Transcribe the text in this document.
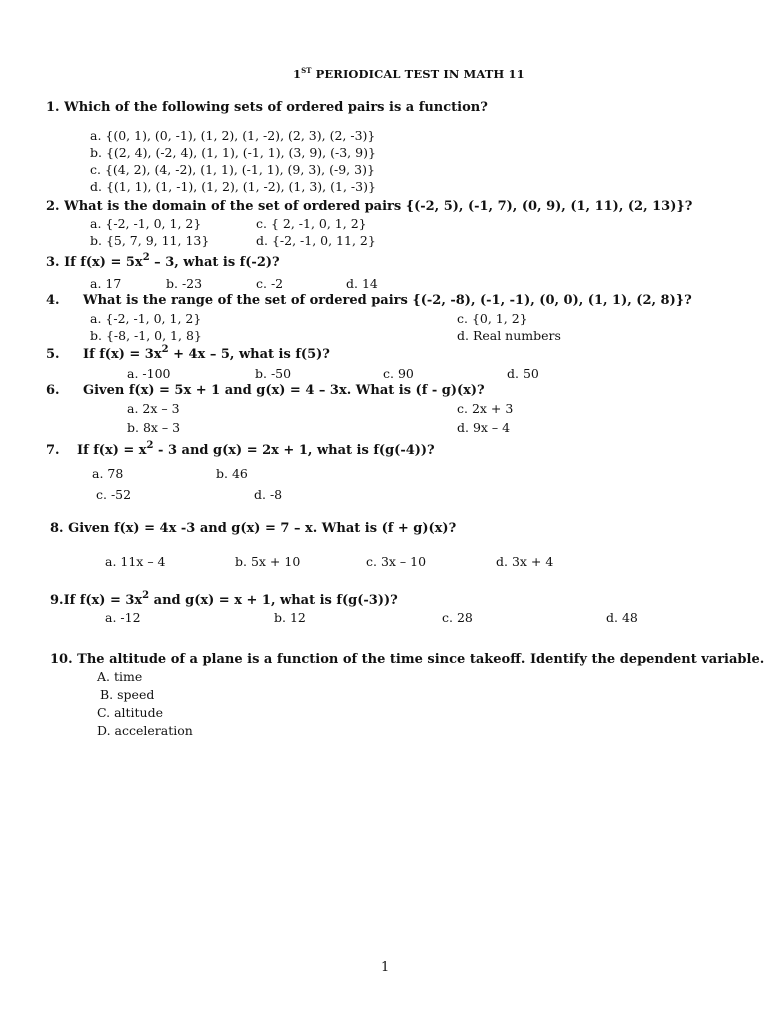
1ST PERIODICAL TEST IN MATH 11
1. Which of the following sets of ordered pairs is a function?
a. {(0, 1), (0, -1), (1, 2), (1, -2), (2, 3), (2, -3)}
b. {(2, 4), (-2, 4), (1, 1), (-1, 1), (3, 9), (-3, 9)}
c. {(4, 2), (4, -2), (1, 1), (-1, 1), (9, 3), (-9, 3)}
d. {(1, 1), (1, -1), (1, 2), (1, -2), (1, 3), (1, -3)}
2. What is the domain of the set of ordered pairs {(-2, 5), (-1, 7), (0, 9), (1, 11), (2, 13)}?
a. {-2, -1, 0, 1, 2}	c. { 2, -1, 0, 1, 2}
b. {5, 7, 9, 11, 13}	d. {-2, -1, 0, 11, 2}
3. If $f(x) = 5x^2 - 3$, what is f(-2)?
a. 17	b. -23	c. -2	d. 14
4. What is the range of the set of ordered pairs {(-2, -8), (-1, -1), (0, 0), (1, 1), (2, 8)}?
a. {-2, -1, 0, 1, 2}	c. {0, 1, 2}
b. {-8, -1, 0, 1, 8}	d. Real numbers
5. If $f(x) = 3x^2 + 4x - 5$, what is f(5)?
a. -100	b. -50	c. 90	d. 50
6. Given f(x) = 5x + 1 and g(x) = 4 – 3x. What is (f - g)(x)?
a. 2x – 3	c. 2x + 3
b. 8x – 3	d. 9x – 4
7. If $f(x) = x^2 - 3$ and g(x) = 2x + 1, what is f(g(-4))?
a. 78	b. 46
c. -52	d. -8
8. Given f(x) = 4x -3 and g(x) = 7 – x. What is (f + g)(x)?
a. 11x – 4	b. 5x + 10	c. 3x – 10	d. 3x + 4
9.If $f(x) = 3x^2$ and g(x) = x + 1, what is f(g(-3))?
a. -12	b. 12	c. 28	d. 48
10. The altitude of a plane is a function of the time since takeoff. Identify the dependent variable.
A. time
B. speed
C. altitude
D. acceleration
1
